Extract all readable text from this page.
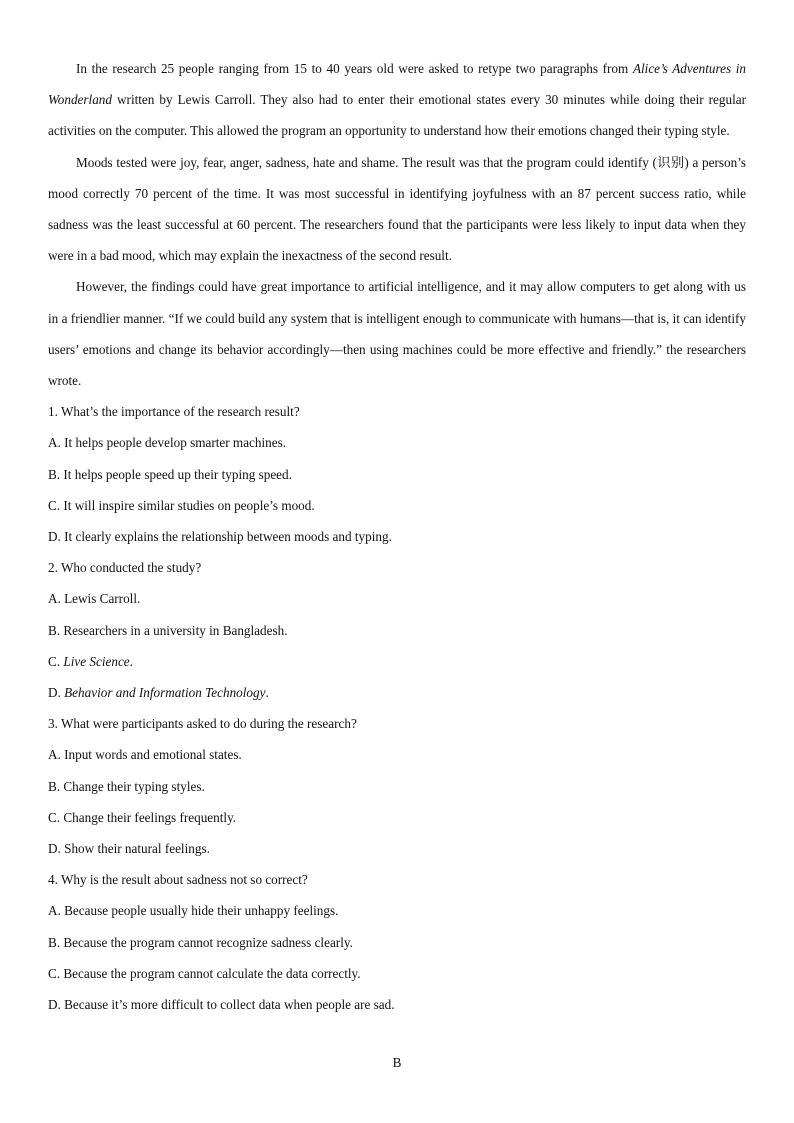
In the research 25 people ranging from 15 to 40 years old were asked to retype two paragraphs from Alice’s Adventures in Wonderland written by Lewis Carroll. They also had to enter their emotional states every 30 minutes while doing their regular activities on the computer. This allowed the program an opportunity to understand how their emotions changed their typing style.

Moods tested were joy, fear, anger, sadness, hate and shame. The result was that the program could identify (识别) a person’s mood correctly 70 percent of the time. It was most successful in identifying joyfulness with an 87 percent success ratio, while sadness was the least successful at 60 percent. The researchers found that the participants were less likely to input data when they were in a bad mood, which may explain the inexactness of the second result.

However, the findings could have great importance to artificial intelligence, and it may allow computers to get along with us in a friendlier manner. “If we could build any system that is intelligent enough to communicate with humans—that is, it can identify users’ emotions and change its behavior accordingly—then using machines could be more effective and friendly.” the researchers wrote.

1. What’s the importance of the research result?

A. It helps people develop smarter machines.

B. It helps people speed up their typing speed.

C. It will inspire similar studies on people’s mood.

D. It clearly explains the relationship between moods and typing.

2. Who conducted the study?

A. Lewis Carroll.

B. Researchers in a university in Bangladesh.

C. Live Science.

D. Behavior and Information Technology.

3. What were participants asked to do during the research?

A. Input words and emotional states.

B. Change their typing styles.

C. Change their feelings frequently.

D. Show their natural feelings.

4. Why is the result about sadness not so correct?

A. Because people usually hide their unhappy feelings.

B. Because the program cannot recognize sadness clearly.

C. Because the program cannot calculate the data correctly.

D. Because it’s more difficult to collect data when people are sad.

B
